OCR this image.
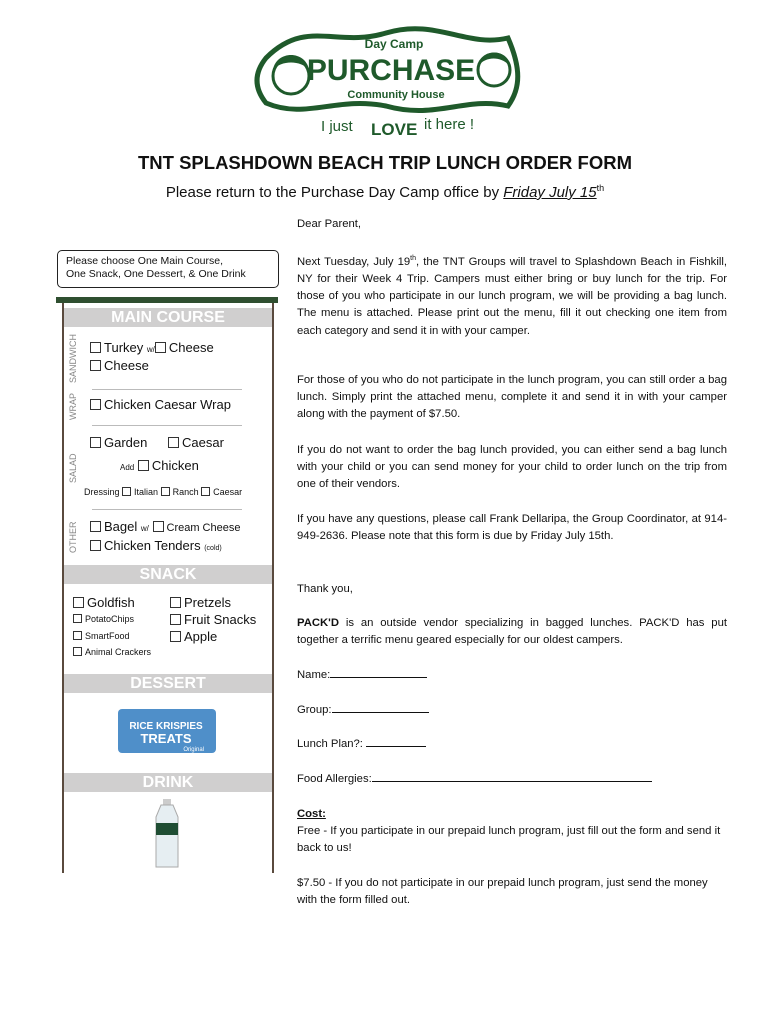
Day Camp
PURCHASE
Community House
I just LOVE it here !
TNT SPLASHDOWN BEACH TRIP LUNCH ORDER FORM
Please return to the Purchase Day Camp office by Friday July 15th
Please choose One Main Course,
One Snack, One Dessert, & One Drink
MAIN COURSE
SANDWICH	Turkey w/ Cheese
Cheese
WRAP	Chicken Caesar Wrap
SALAD
Garden	Caesar
Add Chicken
Dressing Italian Ranch Caesar
OTHER	Bagel w/ Cream Cheese
Chicken Tenders (cold)
SNACK
Goldfish
PotatoChips
SmartFood
Animal Crackers
Pretzels
Fruit Snacks
Apple
DESSERT
RICE KRISPIES
TREATS
Original
DRINK
Dear Parent,
Next Tuesday, July 19th, the TNT Groups will travel to Splashdown Beach in Fishkill, NY for their Week 4 Trip. Campers must either bring or buy lunch for the trip. For those of you who participate in our lunch program, we will be providing a bag lunch. The menu is attached. Please print out the menu, fill it out checking one item from each category and send it in with your camper.
For those of you who do not participate in the lunch program, you can still order a bag lunch. Simply print the attached menu, complete it and send it in with your camper along with the payment of $7.50.
If you do not want to order the bag lunch provided, you can either send a bag lunch with your child or you can send money for your child to order lunch on the trip from one of their vendors.
If you have any questions, please call Frank Dellaripa, the Group Coordinator, at 914-949-2636. Please note that this form is due by Friday July 15th.
Thank you,
PACK'D is an outside vendor specializing in bagged lunches. PACK'D has put together a terrific menu geared especially for our oldest campers.
Name:
Group:
Lunch Plan?:
Food Allergies:
Cost:
Free - If you participate in our prepaid lunch program, just fill out the form and send it back to us!
$7.50 - If you do not participate in our prepaid lunch program, just send the money with the form filled out.
